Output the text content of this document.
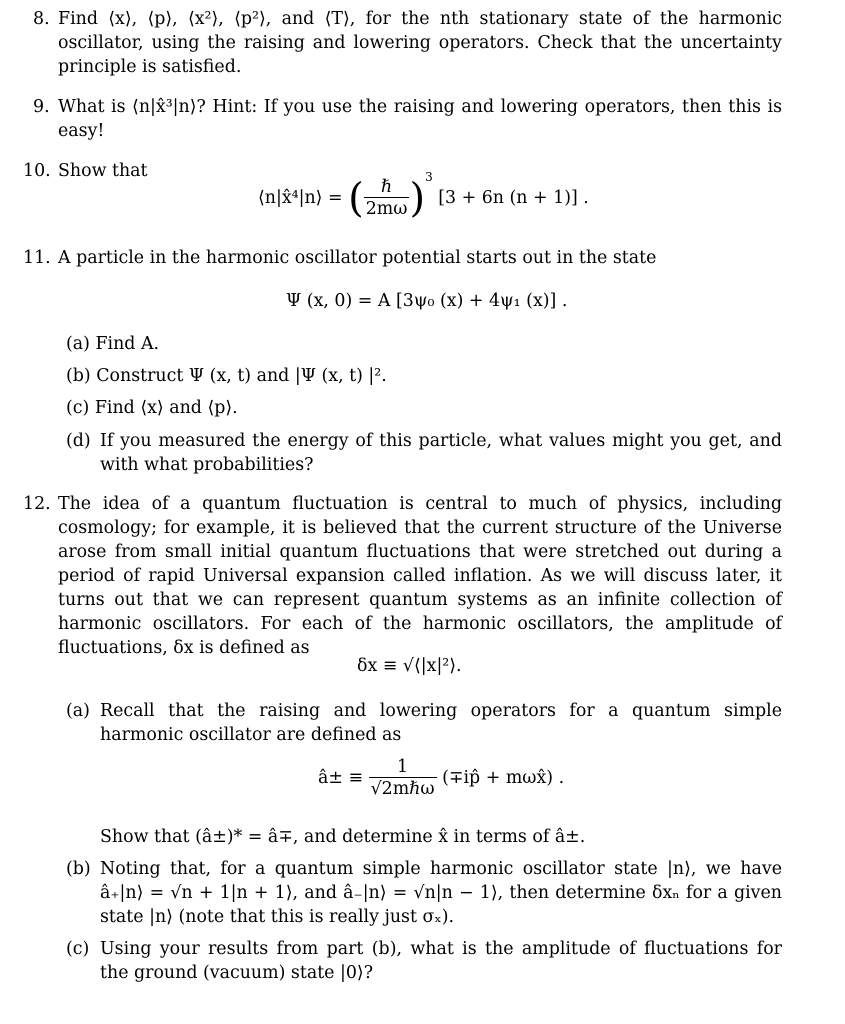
8. Find ⟨x⟩, ⟨p⟩, ⟨x²⟩, ⟨p²⟩, and ⟨T⟩, for the nth stationary state of the harmonic oscillator, using the raising and lowering operators. Check that the uncertainty principle is satisfied.
9. What is ⟨n|x̂³|n⟩? Hint: If you use the raising and lowering operators, then this is easy!
10. Show that
⟨n|x̂⁴|n⟩ = ( $\frac{\text{ℏ}}{2m\omega} )^3$ [3 + 6n (n + 1)] .
11. A particle in the harmonic oscillator potential starts out in the state
Ψ (x, 0) = A [3ψ₀ (x) + 4ψ₁ (x)] .
(a) Find A.
(b) Construct Ψ (x, t) and |Ψ (x, t) |².
(c) Find ⟨x⟩ and ⟨p⟩.
(d) If you measured the energy of this particle, what values might you get, and with what probabilities?
12. The idea of a quantum fluctuation is central to much of physics, including cosmology; for example, it is believed that the current structure of the Universe arose from small initial quantum fluctuations that were stretched out during a period of rapid Universal expansion called inflation. As we will discuss later, it turns out that we can represent quantum systems as an infinite collection of harmonic oscillators. For each of the harmonic oscillators, the amplitude of fluctuations, δx is defined as
δx ≡ √⟨|x|²⟩.
(a) Recall that the raising and lowering operators for a quantum simple harmonic oscillator are defined as
â± ≡ $\frac{1}{\text{√2mℏω}}$ (∓ip̂ + mωx̂) .
Show that (â±)* = â∓, and determine x̂ in terms of â±.
(b) Noting that, for a quantum simple harmonic oscillator state |n⟩, we have â₊|n⟩ = √n + 1|n + 1⟩, and â₋|n⟩ = √n|n − 1⟩, then determine δxₙ for a given state |n⟩ (note that this is really just σₓ).
(c) Using your results from part (b), what is the amplitude of fluctuations for the ground (vacuum) state |0⟩?
